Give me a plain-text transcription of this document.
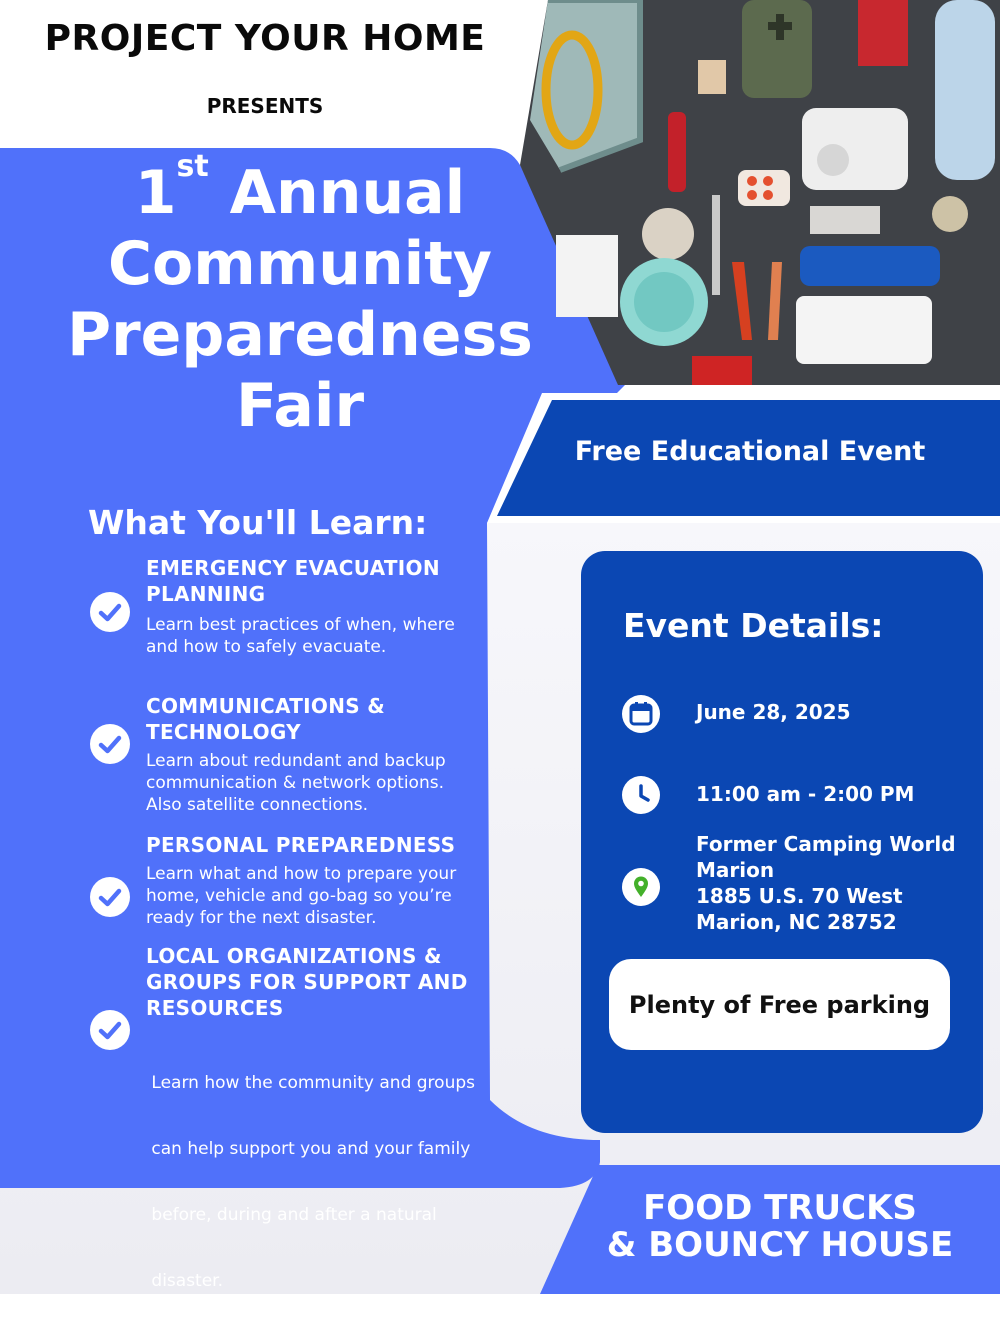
PROJECT YOUR HOME
PRESENTS
1st Annual
Community
Preparedness
Fair
Free Educational Event
What You'll Learn:
EMERGENCY EVACUATION
PLANNING
Learn best practices of when, where
and how to safely evacuate.
COMMUNICATIONS &
TECHNOLOGY
Learn about redundant and backup
communication & network options.
Also satellite connections.
PERSONAL PREPAREDNESS
Learn what and how to prepare your
home, vehicle and go-bag so you’re
ready for the next disaster.
LOCAL ORGANIZATIONS &
GROUPS FOR SUPPORT AND
RESOURCES

Learn how the community and groups

can help support you and your family

before, during and after a natural

disaster.

Event Details:
June 28, 2025
11:00 am - 2:00 PM
Former Camping World
Marion
1885 U.S. 70 West
Marion, NC 28752
Plenty of Free parking
FOOD TRUCKS
& BOUNCY HOUSE
